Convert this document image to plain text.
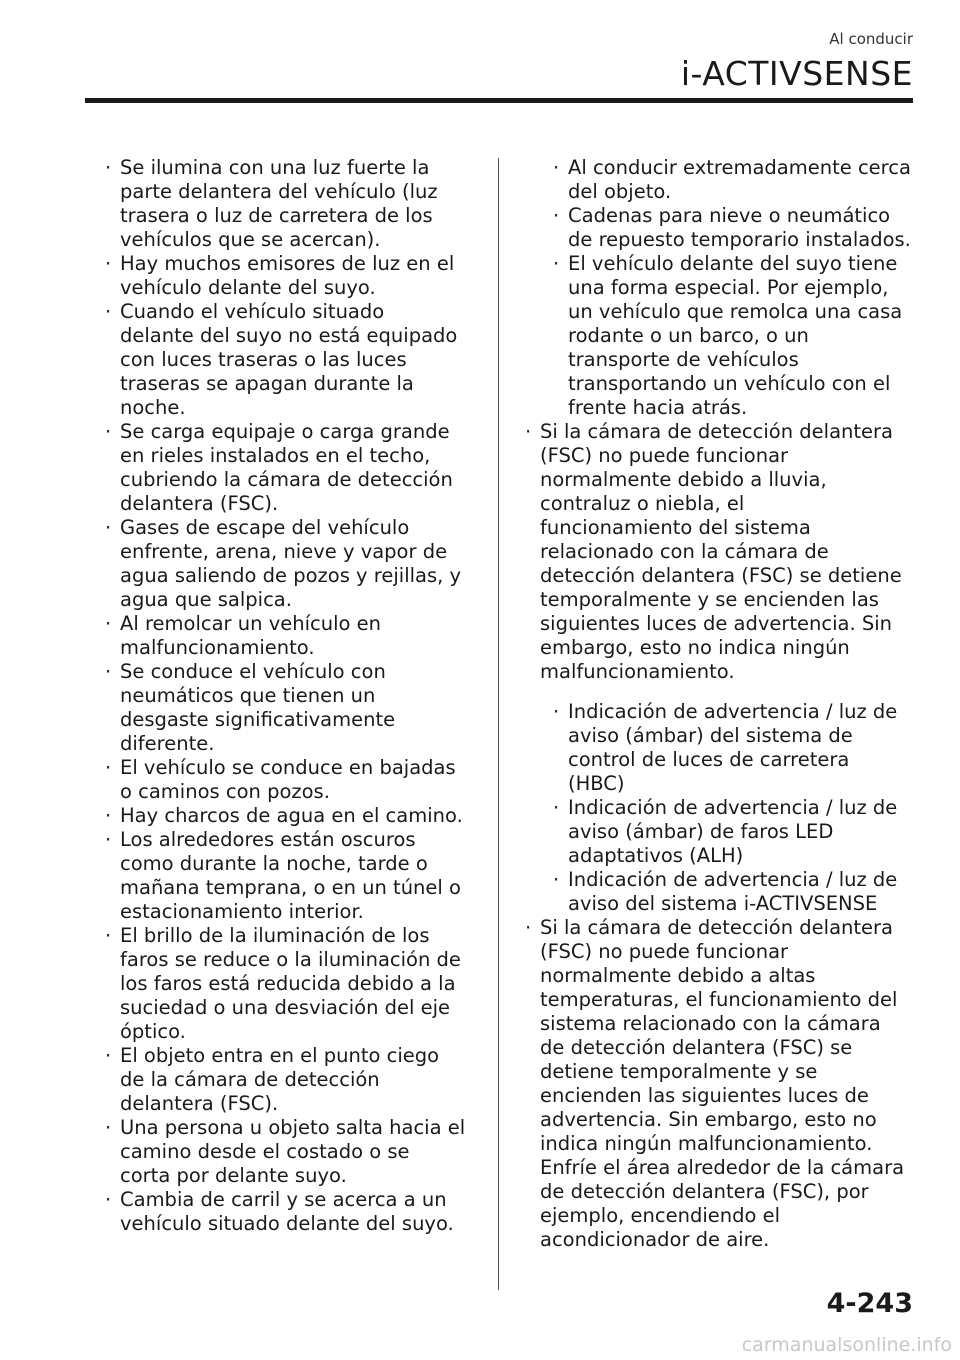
Al conducir
i-ACTIVSENSE
· Se ilumina con una luz fuerte la
parte delantera del vehículo (luz
trasera o luz de carretera de los
vehículos que se acercan).
· Hay muchos emisores de luz en el
vehículo delante del suyo.
· Cuando el vehículo situado
delante del suyo no está equipado
con luces traseras o las luces
traseras se apagan durante la
noche.
· Se carga equipaje o carga grande
en rieles instalados en el techo,
cubriendo la cámara de detección
delantera (FSC).
· Gases de escape del vehículo
enfrente, arena, nieve y vapor de
agua saliendo de pozos y rejillas, y
agua que salpica.
· Al remolcar un vehículo en
malfuncionamiento.
· Se conduce el vehículo con
neumáticos que tienen un
desgaste significativamente
diferente.
· El vehículo se conduce en bajadas
o caminos con pozos.
· Hay charcos de agua en el camino.
· Los alrededores están oscuros
como durante la noche, tarde o
mañana temprana, o en un túnel o
estacionamiento interior.
· El brillo de la iluminación de los
faros se reduce o la iluminación de
los faros está reducida debido a la
suciedad o una desviación del eje
óptico.
· El objeto entra en el punto ciego
de la cámara de detección
delantera (FSC).
· Una persona u objeto salta hacia el
camino desde el costado o se
corta por delante suyo.
· Cambia de carril y se acerca a un
vehículo situado delante del suyo.
· Al conducir extremadamente cerca
del objeto.
· Cadenas para nieve o neumático
de repuesto temporario instalados.
· El vehículo delante del suyo tiene
una forma especial. Por ejemplo,
un vehículo que remolca una casa
rodante o un barco, o un
transporte de vehículos
transportando un vehículo con el
frente hacia atrás.
· Si la cámara de detección delantera
(FSC) no puede funcionar
normalmente debido a lluvia,
contraluz o niebla, el
funcionamiento del sistema
relacionado con la cámara de
detección delantera (FSC) se detiene
temporalmente y se encienden las
siguientes luces de advertencia. Sin
embargo, esto no indica ningún
malfuncionamiento.
· Indicación de advertencia / luz de
aviso (ámbar) del sistema de
control de luces de carretera
(HBC)
· Indicación de advertencia / luz de
aviso (ámbar) de faros LED
adaptativos (ALH)
· Indicación de advertencia / luz de
aviso del sistema i-ACTIVSENSE
· Si la cámara de detección delantera
(FSC) no puede funcionar
normalmente debido a altas
temperaturas, el funcionamiento del
sistema relacionado con la cámara
de detección delantera (FSC) se
detiene temporalmente y se
encienden las siguientes luces de
advertencia. Sin embargo, esto no
indica ningún malfuncionamiento.
Enfríe el área alrededor de la cámara
de detección delantera (FSC), por
ejemplo, encendiendo el
acondicionador de aire.
4-243
carmanualsonline.info
